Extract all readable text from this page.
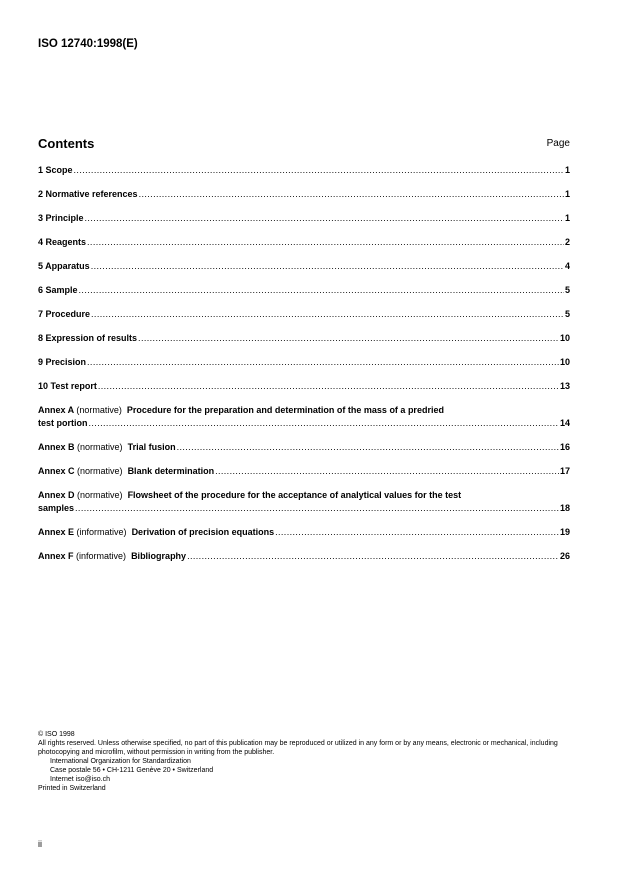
ISO 12740:1998(E)
Contents	Page
1 Scope .....	1
2 Normative references .....	1
3 Principle .....	1
4 Reagents .....	2
5 Apparatus .....	4
6 Sample .....	5
7 Procedure .....	5
8 Expression of results .....	10
9 Precision .....	10
10 Test report .....	13
Annex A (normative) Procedure for the preparation and determination of the mass of a predried
test portion .....	14
Annex B
(normative)
Trial fusion .....	16
Annex C
(normative)
Blank determination .....	17
Annex D (normative) Flowsheet of the procedure for the acceptance of analytical values for the test
samples .....	18
Annex E
(informative)
Derivation of precision equations .....	19
Annex F
(informative)
Bibliography .....	26
© ISO 1998
All rights reserved. Unless otherwise specified, no part of this publication may be reproduced or utilized in any form or by any means, electronic or mechanical, including photocopying and microfilm, without permission in writing from the publisher.
International Organization for Standardization
Case postale 56 • CH-1211 Genève 20 • Switzerland
Internet iso@iso.ch
Printed in Switzerland
ii
